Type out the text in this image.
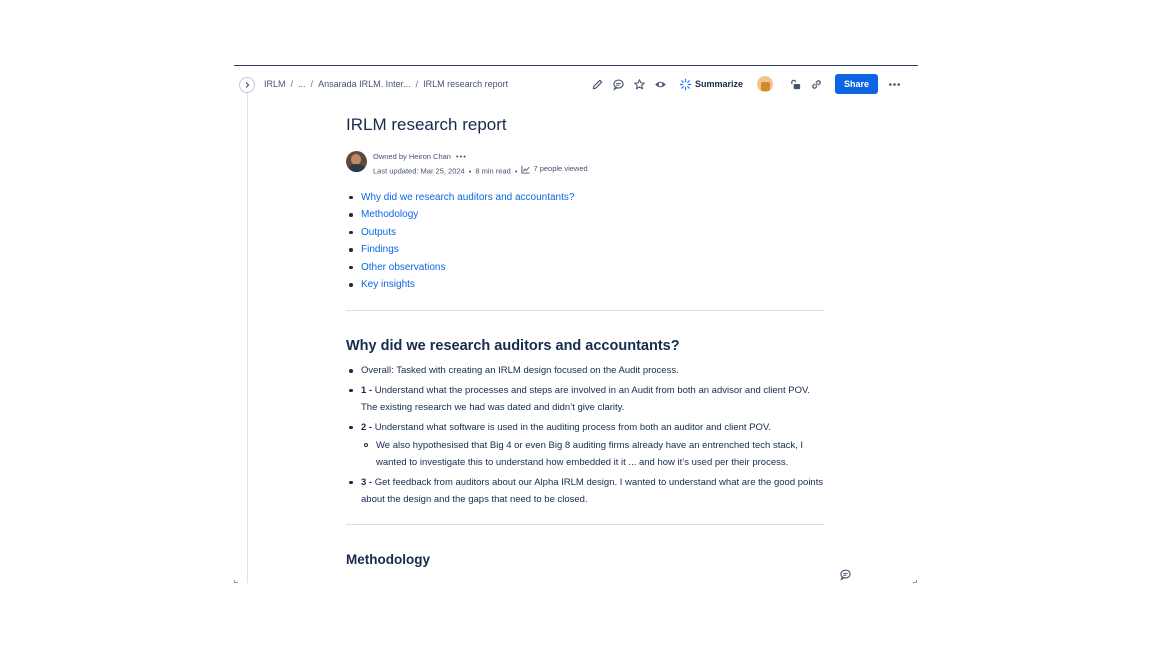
IRLM / ... / Ansarada IRLM. Inter... / IRLM research report	Summarize	Share
IRLM research report
Owned by Heiron Chan •••
Last updated: Mar 25, 2024 • 8 min read • 7 people viewed
Why did we research auditors and accountants?
Methodology
Outputs
Findings
Other observations
Key insights
Why did we research auditors and accountants?
Overall: Tasked with creating an IRLM design focused on the Audit process.
1 - Understand what the processes and steps are involved in an Audit from both an advisor and client POV. The existing research we had was dated and didn’t give clarity.
2 - Understand what software is used in the auditing process from both an auditor and client POV.
We also hypothesised that Big 4 or even Big 8 auditing firms already have an entrenched tech stack, I wanted to investigate this to understand how embedded it it ... and how it’s used per their process.
3 - Get feedback from auditors about our Alpha IRLM design. I wanted to understand what are the good points about the design and the gaps that need to be closed.
Methodology
